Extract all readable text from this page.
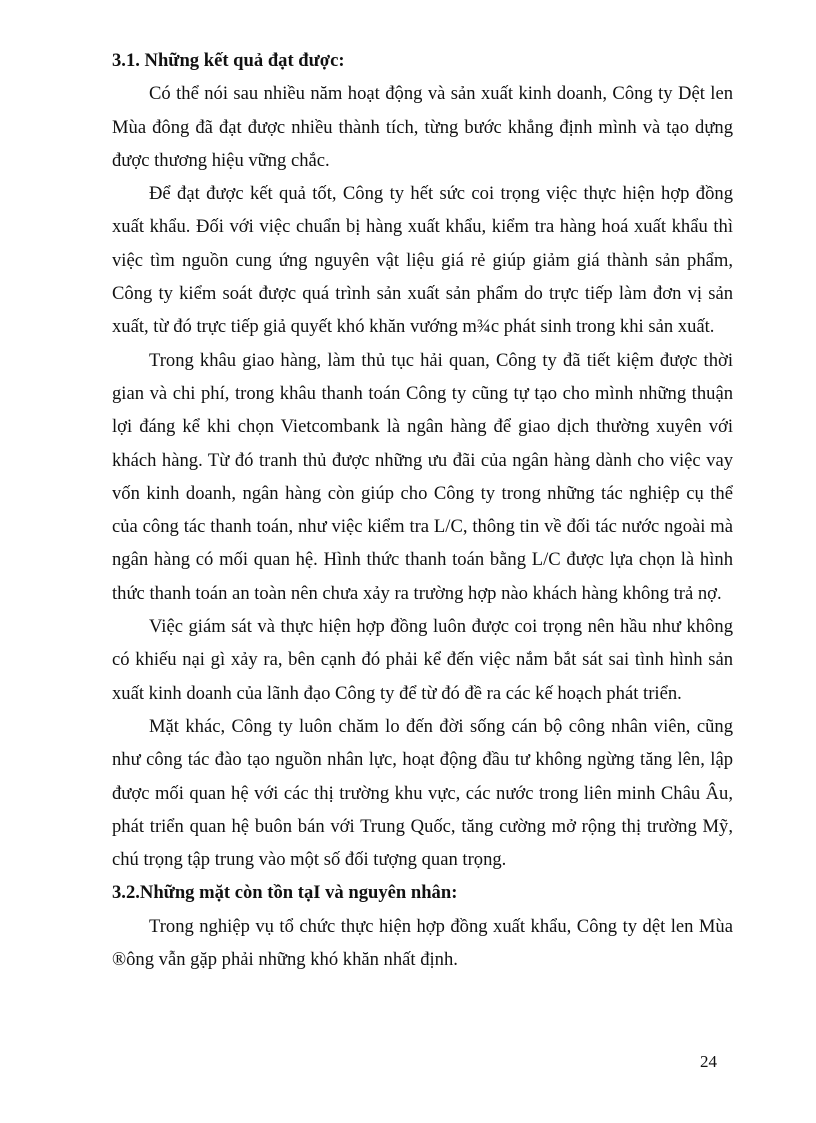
3.1. Những kết quả đạt được:

Có thể nói sau nhiều năm hoạt động và sản xuất kinh doanh, Công ty Dệt len Mùa đông đã đạt được nhiều thành tích, từng bước khẳng định mình và tạo dựng được thương hiệu vững chắc.

Để đạt được kết quả tốt, Công ty hết sức coi trọng việc thực hiện hợp đồng xuất khẩu. Đối với việc chuẩn bị hàng xuất khẩu, kiểm tra hàng hoá xuất khẩu thì việc tìm nguồn cung ứng nguyên vật liệu giá rẻ giúp giảm giá thành sản phẩm, Công ty kiểm soát được quá trình sản xuất sản phẩm do trực tiếp làm đơn vị sản xuất, từ đó trực tiếp giả quyết khó khăn vướng m¾c phát sinh trong khi sản xuất.

Trong khâu giao hàng, làm thủ tục hải quan, Công ty đã tiết kiệm được thời gian và chi phí, trong khâu thanh toán Công ty cũng tự tạo cho mình những thuận lợi đáng kể khi chọn Vietcombank là ngân hàng để giao dịch thường xuyên với khách hàng. Từ đó tranh thủ được những ưu đãi của ngân hàng dành cho việc vay vốn kinh doanh, ngân hàng còn giúp cho Công ty trong những tác nghiệp cụ thể của công tác thanh toán, như việc kiểm tra L/C, thông tin về đối tác nước ngoài mà ngân hàng có mối quan hệ. Hình thức thanh toán bằng L/C được lựa chọn là hình thức thanh toán an toàn nên chưa xảy ra trường hợp nào khách hàng không trả nợ.

Việc giám sát và thực hiện hợp đồng luôn được coi trọng nên hầu như không có khiếu nại gì xảy ra, bên cạnh đó phải kể đến việc nắm bắt sát sai tình hình sản xuất kinh doanh của lãnh đạo Công ty để từ đó đề ra các kế hoạch phát triển.

Mặt khác, Công ty luôn chăm lo đến đời sống cán bộ công nhân viên, cũng như công tác đào tạo nguồn nhân lực, hoạt động đầu tư không ngừng tăng lên, lập được mối quan hệ với các thị trường khu vực, các nước trong liên minh Châu Âu, phát triển quan hệ buôn bán với Trung Quốc, tăng cường mở rộng thị trường Mỹ, chú trọng tập trung vào một số đối tượng quan trọng.

3.2.Những mặt còn tồn tạI và nguyên nhân:

Trong nghiệp vụ tổ chức thực hiện hợp đồng xuất khẩu, Công ty dệt len Mùa ®ông vẫn gặp phải những khó khăn nhất định.

24
